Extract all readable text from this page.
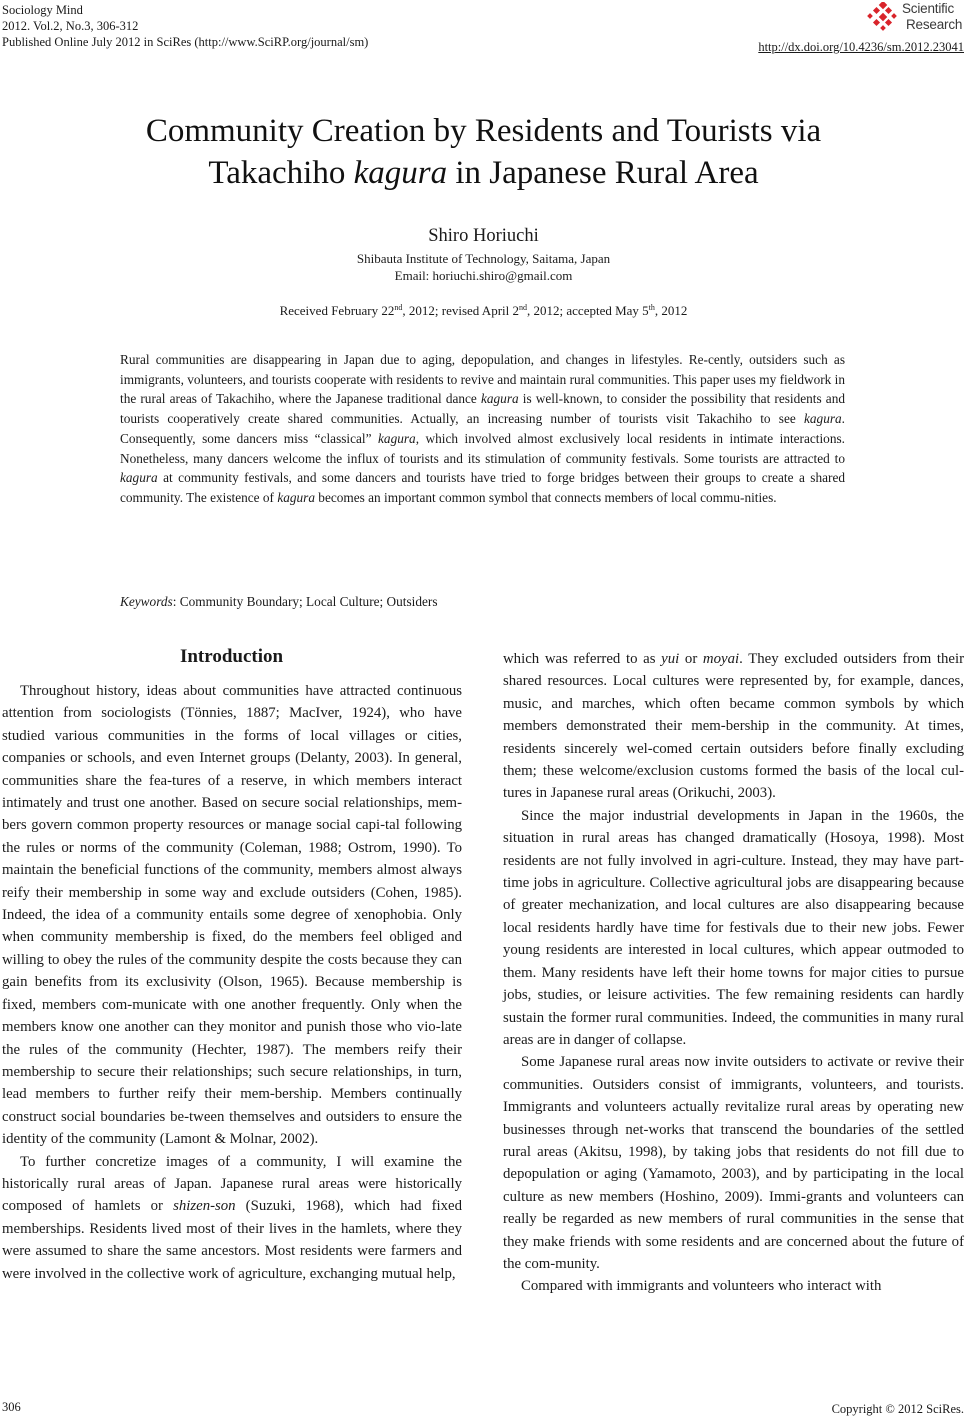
Sociology Mind
2012. Vol.2, No.3, 306-312
Published Online July 2012 in SciRes (http://www.SciRP.org/journal/sm)
Scientific
Research
http://dx.doi.org/10.4236/sm.2012.23041
Community Creation by Residents and Tourists via
Takachiho kagura in Japanese Rural Area
Shiro Horiuchi
Shibauta Institute of Technology, Saitama, Japan
Email: horiuchi.shiro@gmail.com
Received February 22nd, 2012; revised April 2nd, 2012; accepted May 5th, 2012
Rural communities are disappearing in Japan due to aging, depopulation, and changes in lifestyles. Re-cently, outsiders such as immigrants, volunteers, and tourists cooperate with residents to revive and maintain rural communities. This paper uses my fieldwork in the rural areas of Takachiho, where the Japanese traditional dance kagura is well-known, to consider the possibility that residents and tourists cooperatively create shared communities. Actually, an increasing number of tourists visit Takachiho to see kagura. Consequently, some dancers miss “classical” kagura, which involved almost exclusively local residents in intimate interactions. Nonetheless, many dancers welcome the influx of tourists and its stimulation of community festivals. Some tourists are attracted to kagura at community festivals, and some dancers and tourists have tried to forge bridges between their groups to create a shared community. The existence of kagura becomes an important common symbol that connects members of local commu-nities.
Keywords: Community Boundary; Local Culture; Outsiders
Introduction

Throughout history, ideas about communities have attracted continuous attention from sociologists (Tönnies, 1887; MacIver, 1924), who have studied various communities in the forms of local villages or cities, companies or schools, and even Internet groups (Delanty, 2003). In general, communities share the fea-tures of a reserve, in which members interact intimately and trust one another. Based on secure social relationships, mem-bers govern common property resources or manage social capi-tal following the rules or norms of the community (Coleman, 1988; Ostrom, 1990). To maintain the beneficial functions of the community, members almost always reify their membership in some way and exclude outsiders (Cohen, 1985). Indeed, the idea of a community entails some degree of xenophobia. Only when community membership is fixed, do the members feel obliged and willing to obey the rules of the community despite the costs because they can gain benefits from its exclusivity (Olson, 1965). Because membership is fixed, members com-municate with one another frequently. Only when the members know one another can they monitor and punish those who vio-late the rules of the community (Hechter, 1987). The members reify their membership to secure their relationships; such secure relationships, in turn, lead members to further reify their mem-bership. Members continually construct social boundaries be-tween themselves and outsiders to ensure the identity of the community (Lamont & Molnar, 2002).

To further concretize images of a community, I will examine the historically rural areas of Japan. Japanese rural areas were historically composed of hamlets or shizen-son (Suzuki, 1968), which had fixed memberships. Residents lived most of their lives in the hamlets, where they were assumed to share the same ancestors. Most residents were farmers and were involved in the collective work of agriculture, exchanging mutual help,

which was referred to as yui or moyai. They excluded outsiders from their shared resources. Local cultures were represented by, for example, dances, music, and marches, which often became common symbols by which members demonstrated their mem-bership in the community. At times, residents sincerely wel-comed certain outsiders before finally excluding them; these welcome/exclusion customs formed the basis of the local cul-tures in Japanese rural areas (Orikuchi, 2003).

Since the major industrial developments in Japan in the 1960s, the situation in rural areas has changed dramatically (Hosoya, 1998). Most residents are not fully involved in agri-culture. Instead, they may have part-time jobs in agriculture. Collective agricultural jobs are disappearing because of greater mechanization, and local cultures are also disappearing because local residents hardly have time for festivals due to their new jobs. Fewer young residents are interested in local cultures, which appear outmoded to them. Many residents have left their home towns for major cities to pursue jobs, studies, or leisure activities. The few remaining residents can hardly sustain the former rural communities. Indeed, the communities in many rural areas are in danger of collapse.

Some Japanese rural areas now invite outsiders to activate or revive their communities. Outsiders consist of immigrants, volunteers, and tourists. Immigrants and volunteers actually revitalize rural areas by operating new businesses through net-works that transcend the boundaries of the settled rural areas (Akitsu, 1998), by taking jobs that residents do not fill due to depopulation or aging (Yamamoto, 2003), and by participating in the local culture as new members (Hoshino, 2009). Immi-grants and volunteers can really be regarded as new members of rural communities in the sense that they make friends with some residents and are concerned about the future of the com-munity.

Compared with immigrants and volunteers who interact with

306	Copyright © 2012 SciRes.
